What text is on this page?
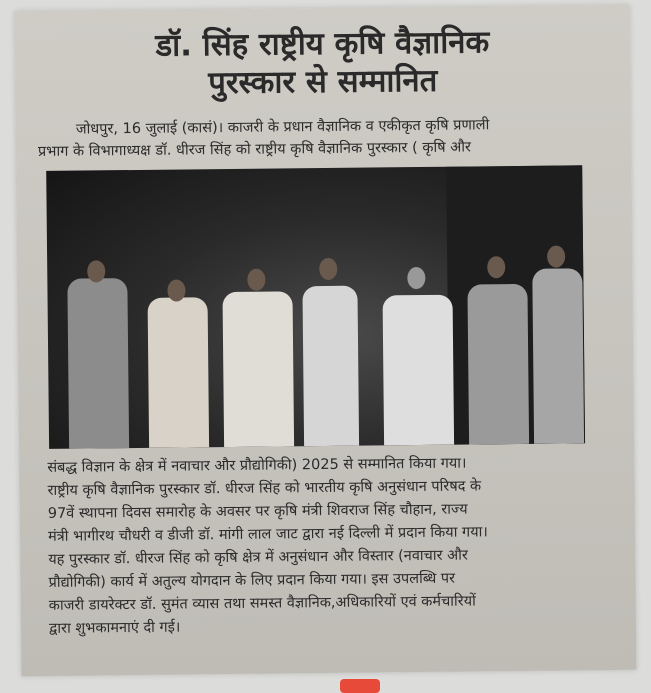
डॉ. सिंह राष्ट्रीय कृषि वैज्ञानिक
पुरस्कार से सम्मानित
जोधपुर, 16 जुलाई (कासं)। काजरी के प्रधान वैज्ञानिक व एकीकृत कृषि प्रणाली
प्रभाग के विभागाध्यक्ष डॉ. धीरज सिंह को राष्ट्रीय कृषि वैज्ञानिक पुरस्कार ( कृषि और
संबद्ध विज्ञान के क्षेत्र में नवाचार और प्रौद्योगिकी) 2025 से सम्मानित किया गया।
राष्ट्रीय कृषि वैज्ञानिक पुरस्कार डॉ. धीरज सिंह को भारतीय कृषि अनुसंधान परिषद के
97वें स्थापना दिवस समारोह के अवसर पर कृषि मंत्री शिवराज सिंह चौहान, राज्य
मंत्री भागीरथ चौधरी व डीजी डॉ. मांगी लाल जाट द्वारा नई दिल्ली में प्रदान किया गया।
यह पुरस्कार डॉ. धीरज सिंह को कृषि क्षेत्र में अनुसंधान और विस्तार (नवाचार और
प्रौद्योगिकी) कार्य में अतुल्य योगदान के लिए प्रदान किया गया। इस उपलब्धि पर
काजरी डायरेक्टर डॉ. सुमंत व्यास तथा समस्त वैज्ञानिक,अधिकारियों एवं कर्मचारियों
द्वारा शुभकामनाएं दी गई।
